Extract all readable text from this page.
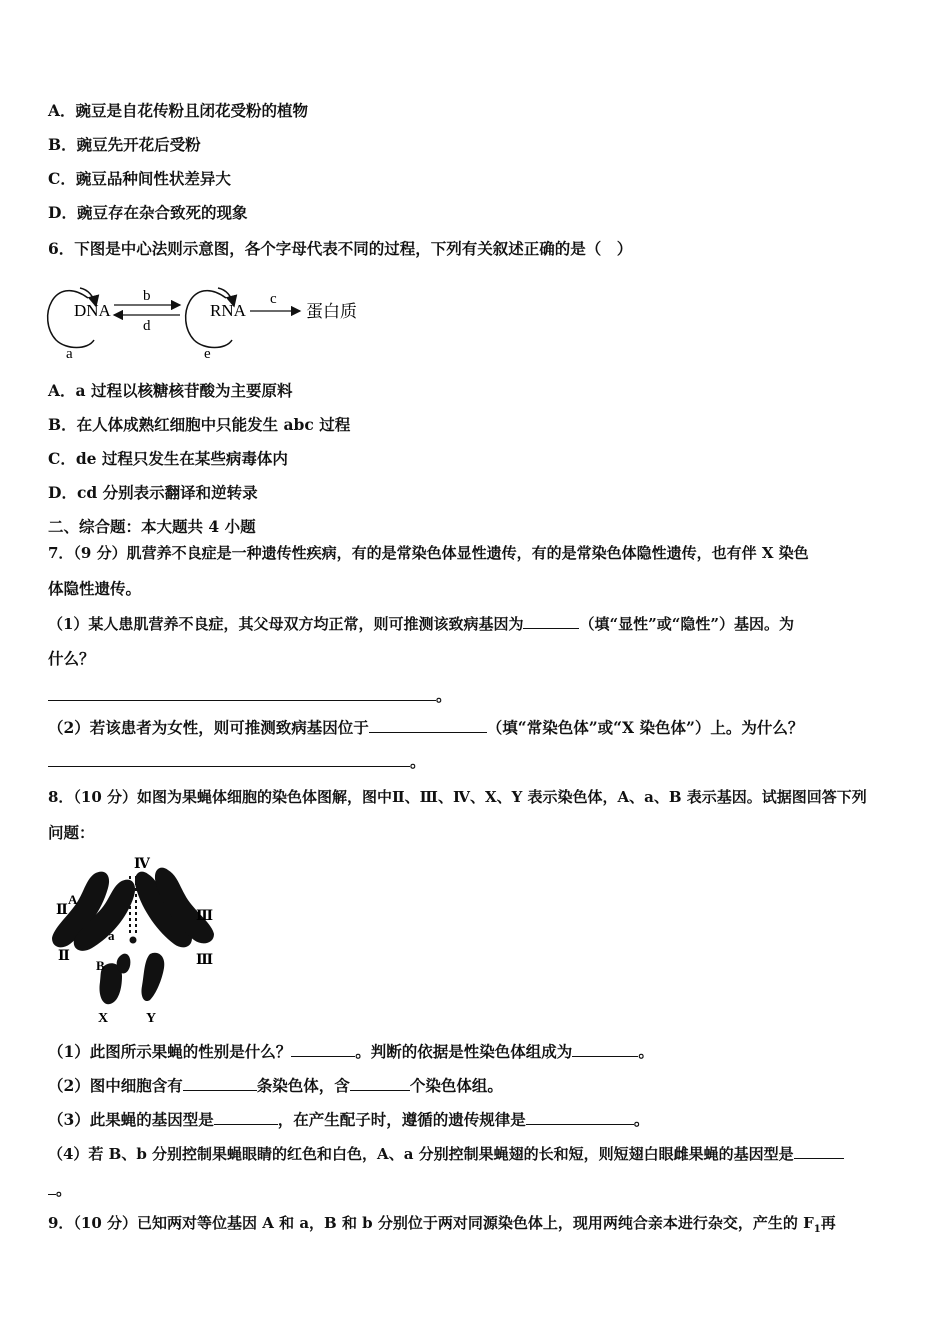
A．豌豆是自花传粉且闭花受粉的植物
B．豌豆先开花后受粉
C．豌豆品种间性状差异大
D．豌豆存在杂合致死的现象
6．下图是中心法则示意图，各个字母代表不同的过程，下列有关叙述正确的是（　）
DNA
b
d
RNA
c
蛋白质
a	e
A．a 过程以核糖核苷酸为主要原料
B．在人体成熟红细胞中只能发生 abc 过程
C．de 过程只发生在某些病毒体内
D．cd 分别表示翻译和逆转录
二、综合题：本大题共 4 小题
7．（9 分）肌营养不良症是一种遗传性疾病，有的是常染色体显性遗传，有的是常染色体隐性遗传，也有伴 X 染色
体隐性遗传。
（1）某人患肌营养不良症，其父母双方均正常，则可推测该致病基因为	（填“显性”或“隐性”）基因。为
什么？
。
（2）若该患者为女性，则可推测致病基因位于	（填“常染色体”或“X 染色体”）上。为什么？
。
8．（10 分）如图为果蝇体细胞的染色体图解，图中Ⅱ、Ⅲ、Ⅳ、X、Y 表示染色体，A、a、B 表示基因。试据图回答下列
问题：
Ⅳ
Ⅱ
A
a
Ⅲ
Ⅱ
B	Ⅲ
X	Y
（1）此图所示果蝇的性别是什么？	。判断的依据是性染色体组成为	。
（2）图中细胞含有	条染色体，含	个染色体组。
（3）此果蝇的基因型是	，在产生配子时，遵循的遗传规律是	。
（4）若 B、b 分别控制果蝇眼睛的红色和白色，A、a 分别控制果蝇翅的长和短，则短翅白眼雌果蝇的基因型是
。
9．（10 分）已知两对等位基因 A 和 a，B 和 b 分别位于两对同源染色体上，现用两纯合亲本进行杂交，产生的 $F_1$再
